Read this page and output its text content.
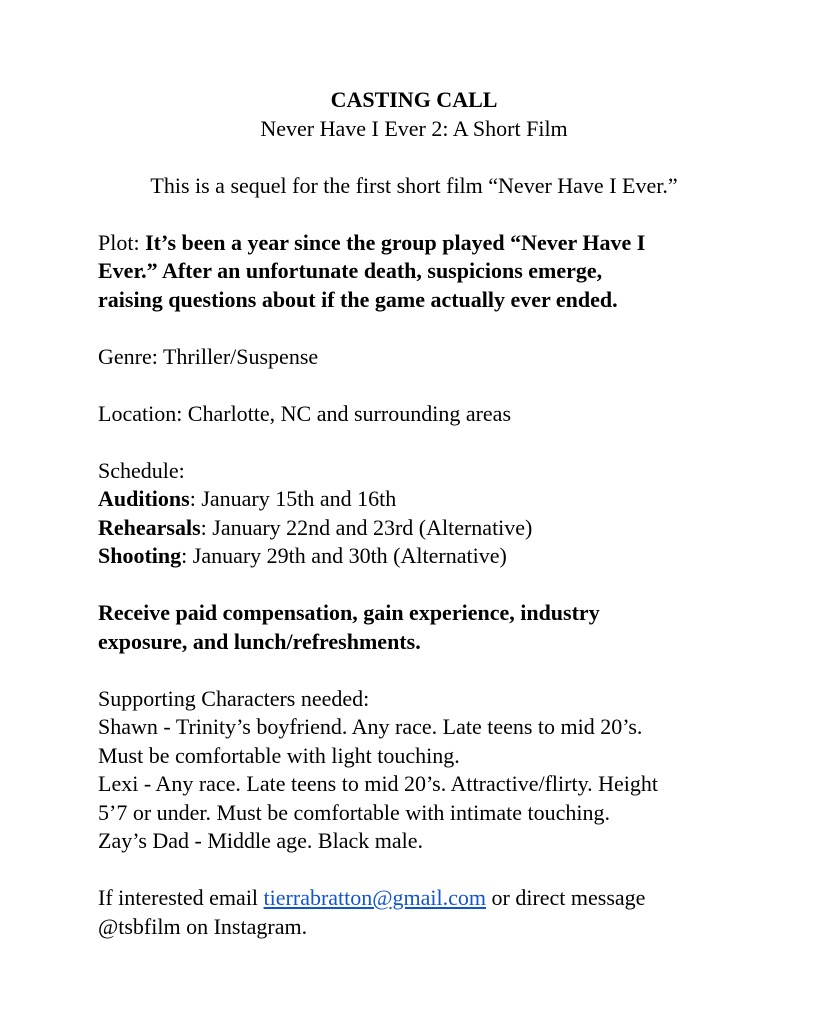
CASTING CALL
Never Have I Ever 2: A Short Film
This is a sequel for the first short film “Never Have I Ever.”
Plot: It’s been a year since the group played “Never Have I
Ever.” After an unfortunate death, suspicions emerge,
raising questions about if the game actually ever ended.
Genre: Thriller/Suspense
Location: Charlotte, NC and surrounding areas
Schedule:
Auditions: January 15th and 16th
Rehearsals: January 22nd and 23rd (Alternative)
Shooting: January 29th and 30th (Alternative)
Receive paid compensation, gain experience, industry
exposure, and lunch/refreshments.
Supporting Characters needed:
Shawn - Trinity’s boyfriend. Any race. Late teens to mid 20’s.
Must be comfortable with light touching.
Lexi - Any race. Late teens to mid 20’s. Attractive/flirty. Height
5’7 or under. Must be comfortable with intimate touching.
Zay’s Dad - Middle age. Black male.
If interested email tierrabratton@gmail.com or direct message
@tsbfilm on Instagram.
